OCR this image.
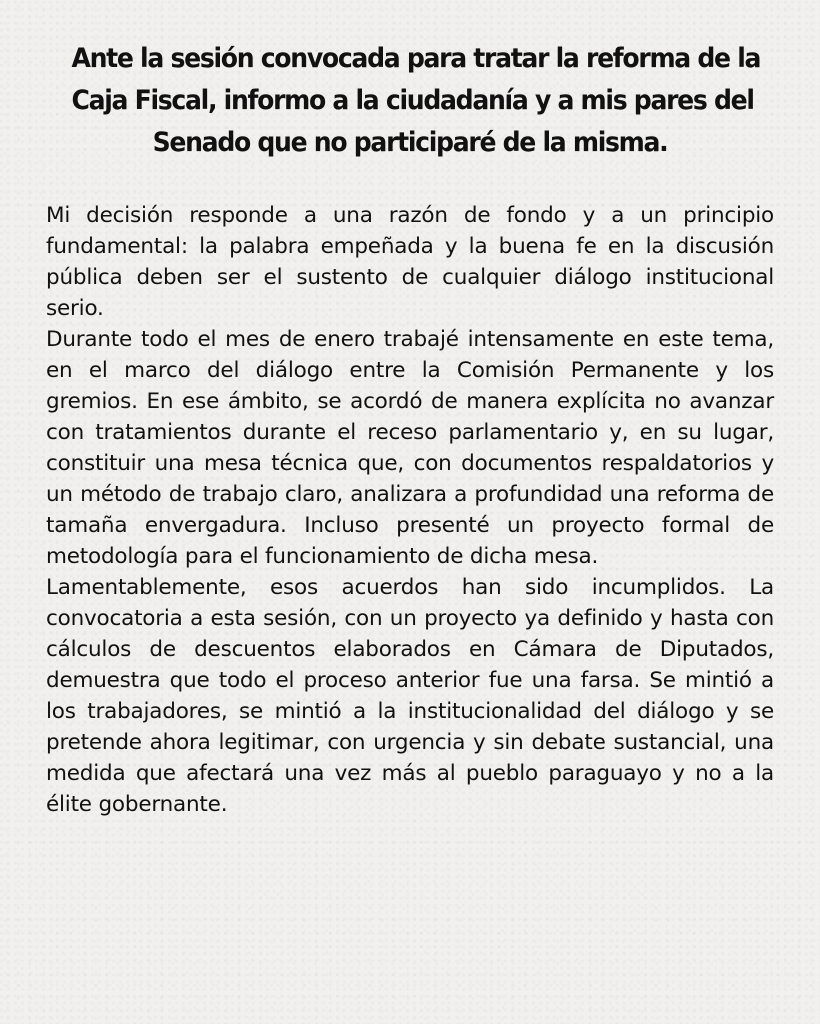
Ante la sesión convocada para tratar la reforma de la
Caja Fiscal, informo a la ciudadanía y a mis pares del
Senado que no participaré de la misma.

Mi decisión responde a una razón de fondo y a un principio fundamental: la palabra empeñada y la buena fe en la discusión pública deben ser el sustento de cualquier diálogo institucional serio.

Durante todo el mes de enero trabajé intensamente en este tema, en el marco del diálogo entre la Comisión Permanente y los gremios. En ese ámbito, se acordó de manera explícita no avanzar con tratamientos durante el receso parlamentario y, en su lugar, constituir una mesa técnica que, con documentos respaldatorios y un método de trabajo claro, analizara a profundidad una reforma de tamaña envergadura. Incluso presenté un proyecto formal de metodología para el funcionamiento de dicha mesa.

Lamentablemente, esos acuerdos han sido incumplidos. La convocatoria a esta sesión, con un proyecto ya definido y hasta con cálculos de descuentos elaborados en Cámara de Diputados, demuestra que todo el proceso anterior fue una farsa. Se mintió a los trabajadores, se mintió a la institucionalidad del diálogo y se pretende ahora legitimar, con urgencia y sin debate sustancial, una medida que afectará una vez más al pueblo paraguayo y no a la élite gobernante.
